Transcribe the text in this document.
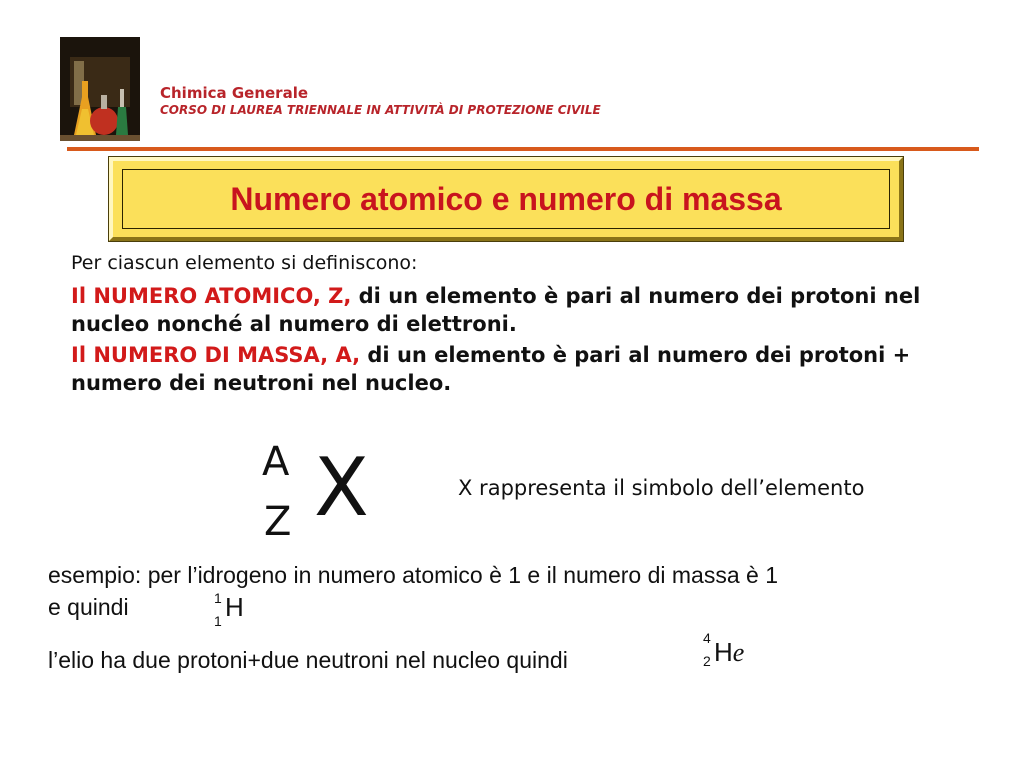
Chimica Generale
CORSO DI LAUREA TRIENNALE IN ATTIVITÀ DI PROTEZIONE CIVILE
Numero atomico e numero di massa
Per ciascun elemento si definiscono:
Il NUMERO ATOMICO, Z, di un elemento è pari al numero dei protoni nel nucleo nonché al numero di elettroni.
Il NUMERO DI MASSA, A, di un elemento è pari al numero dei protoni + numero dei neutroni nel nucleo.
A
Z X	X rappresenta il simbolo dell’elemento
esempio: per l’idrogeno in numero atomico è 1 e il numero di massa è 1
e quindi	1
1 H
l’elio ha due protoni+due neutroni nel nucleo quindi
4
2 He
